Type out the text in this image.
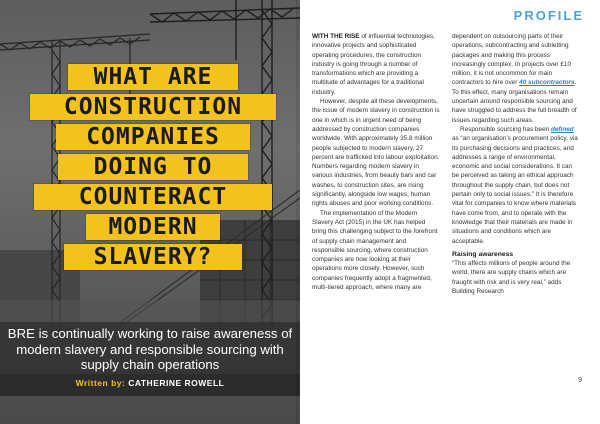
WHAT ARE
CONSTRUCTION
COMPANIES
DOING TO
COUNTERACT
MODERN
SLAVERY?

BRE is continually working to raise awareness of modern slavery and responsible sourcing with supply chain operations

Written by: CATHERINE ROWELL
PROFILE

WITH THE RISE of influential technologies, innovative projects and sophisticated operating procedures, the construction industry is going through a number of transformations which are providing a multitude of advantages for a traditional industry.

However, despite all these developments, the issue of modern slavery in construction is one in which is in urgent need of being addressed by construction companies worldwide. With approximately 35.8 million people subjected to modern slavery, 27 percent are trafficked into labour exploitation. Numbers regarding modern slavery in various industries, from beauty bars and car washes, to construction sites, are rising significantly, alongside low wages, human rights abuses and poor working conditions.

The implementation of the Modern Slavery Act (2015) in the UK has helped bring this challenging subject to the forefront of supply chain management and responsible sourcing, where construction companies are now looking at their operations more closely. However, such companies frequently adopt a fragmented, multi-tiered approach, where many are

dependent on outsourcing parts of their operations, subcontracting and subletting packages and making this process increasingly complex. In projects over £10 million, it is not uncommon for main contractors to hire over 40 subcontractors. To this effect, many organisations remain uncertain around responsible sourcing and have struggled to address the full breadth of issues regarding such areas.

Responsible sourcing has been defined as “an organisation’s procurement policy, via its purchasing decisions and practices, and addresses a range of environmental, economic and social considerations. It can be perceived as taking an ethical approach throughout the supply chain, but does not pertain only to social issues.” It is therefore vital for companies to know where materials have come from, and to operate with the knowledge that their materials are made in situations and conditions which are acceptable.

Raising awareness

“This affects millions of people around the world, there are supply chains which are fraught with risk and is very real,” adds Building Research

9
